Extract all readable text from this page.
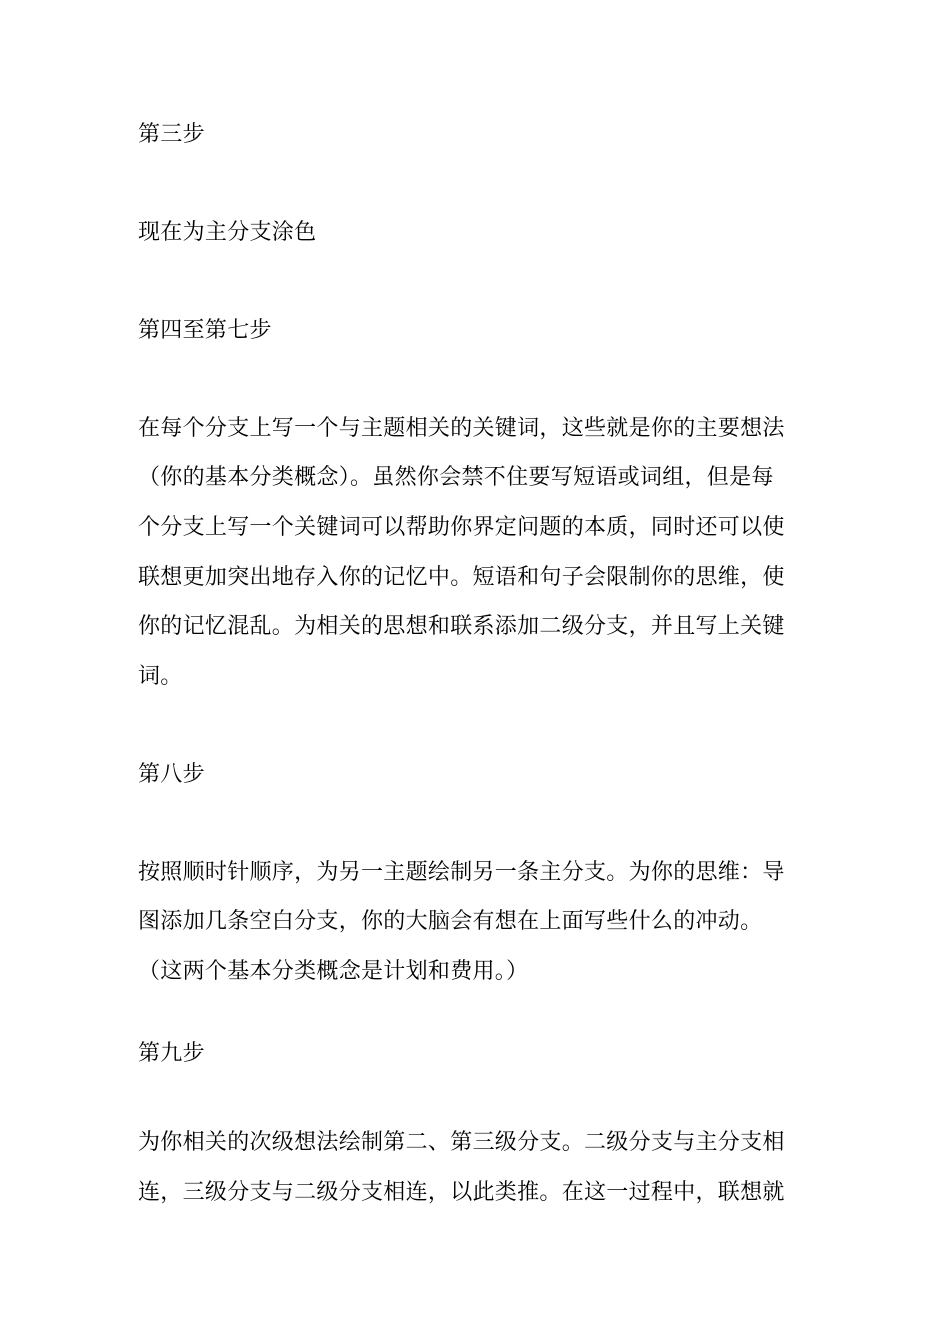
第三步

现在为主分支涂色

第四至第七步

在每个分支上写一个与主题相关的关键词，这些就是你的主要想法

（你的基本分类概念）。虽然你会禁不住要写短语或词组，但是每

个分支上写一个关键词可以帮助你界定问题的本质，同时还可以使

联想更加突出地存入你的记忆中。短语和句子会限制你的思维，使

你的记忆混乱。为相关的思想和联系添加二级分支，并且写上关键

词。

第八步

按照顺时针顺序，为另一主题绘制另一条主分支。为你的思维：导

图添加几条空白分支，你的大脑会有想在上面写些什么的冲动。

（这两个基本分类概念是计划和费用。）

第九步

为你相关的次级想法绘制第二、第三级分支。二级分支与主分支相

连，三级分支与二级分支相连，以此类推。在这一过程中，联想就
